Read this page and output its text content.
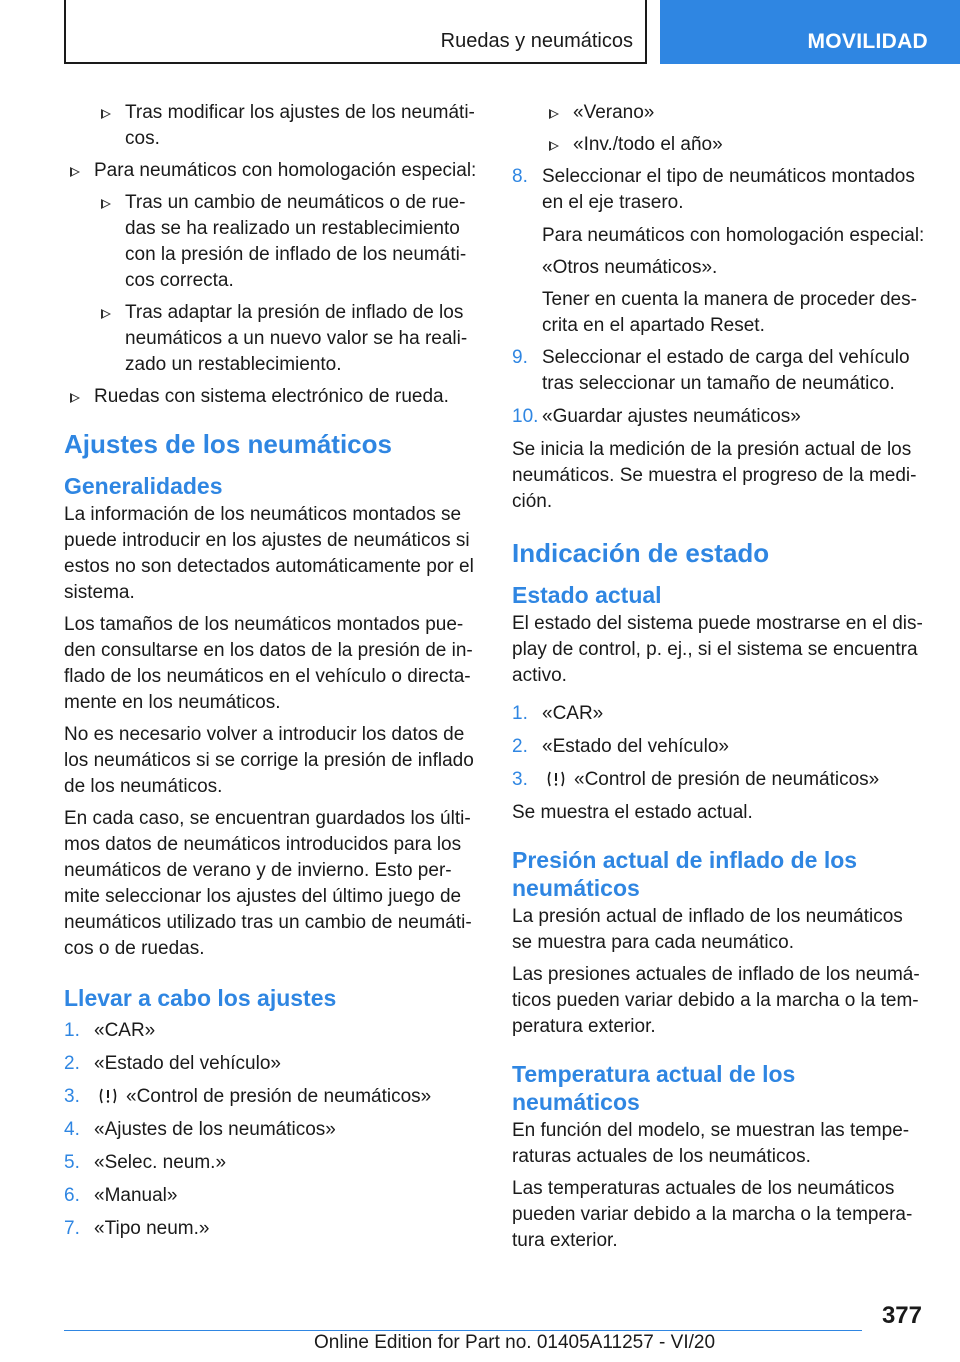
Ruedas y neumáticos	MOVILIDAD
Tras modificar los ajustes de los neumáti-cos.
Para neumáticos con homologación especial:
Tras un cambio de neumáticos o de rue-das se ha realizado un restablecimiento con la presión de inflado de los neumáti-cos correcta.
Tras adaptar la presión de inflado de los neumáticos a un nuevo valor se ha reali-zado un restablecimiento.
Ruedas con sistema electrónico de rueda.
Ajustes de los neumáticos
Generalidades

La información de los neumáticos montados se puede introducir en los ajustes de neumáticos si estos no son detectados automáticamente por el sistema.

Los tamaños de los neumáticos montados pue-den consultarse en los datos de la presión de in-flado de los neumáticos en el vehículo o directa-mente en los neumáticos.

No es necesario volver a introducir los datos de los neumáticos si se corrige la presión de inflado de los neumáticos.

En cada caso, se encuentran guardados los últi-mos datos de neumáticos introducidos para los neumáticos de verano y de invierno. Esto per-mite seleccionar los ajustes del último juego de neumáticos utilizado tras un cambio de neumáti-cos o de ruedas.

Llevar a cabo los ajustes
1. «CAR»
2. «Estado del vehículo»
3. «Control de presión de neumáticos»
4. «Ajustes de los neumáticos»
5. «Selec. neum.»
6. «Manual»
7. «Tipo neum.»
«Verano»
«Inv./todo el año»
8. Seleccionar el tipo de neumáticos montados en el eje trasero.

Para neumáticos con homologación especial:

«Otros neumáticos».

Tener en cuenta la manera de proceder des-crita en el apartado Reset.

9. Seleccionar el estado de carga del vehículo tras seleccionar un tamaño de neumático.
10. «Guardar ajustes neumáticos»

Se inicia la medición de la presión actual de los neumáticos. Se muestra el progreso de la medi-ción.

Indicación de estado
Estado actual

El estado del sistema puede mostrarse en el dis-play de control, p. ej., si el sistema se encuentra activo.

1. «CAR»
2. «Estado del vehículo»
3. «Control de presión de neumáticos»

Se muestra el estado actual.

Presión actual de inflado de los neumáticos

La presión actual de inflado de los neumáticos se muestra para cada neumático.

Las presiones actuales de inflado de los neumá-ticos pueden variar debido a la marcha o la tem-peratura exterior.

Temperatura actual de los neumáticos

En función del modelo, se muestran las tempe-raturas actuales de los neumáticos.

Las temperaturas actuales de los neumáticos pueden variar debido a la marcha o la tempera-tura exterior.

377
Online Edition for Part no. 01405A11257 - VI/20
